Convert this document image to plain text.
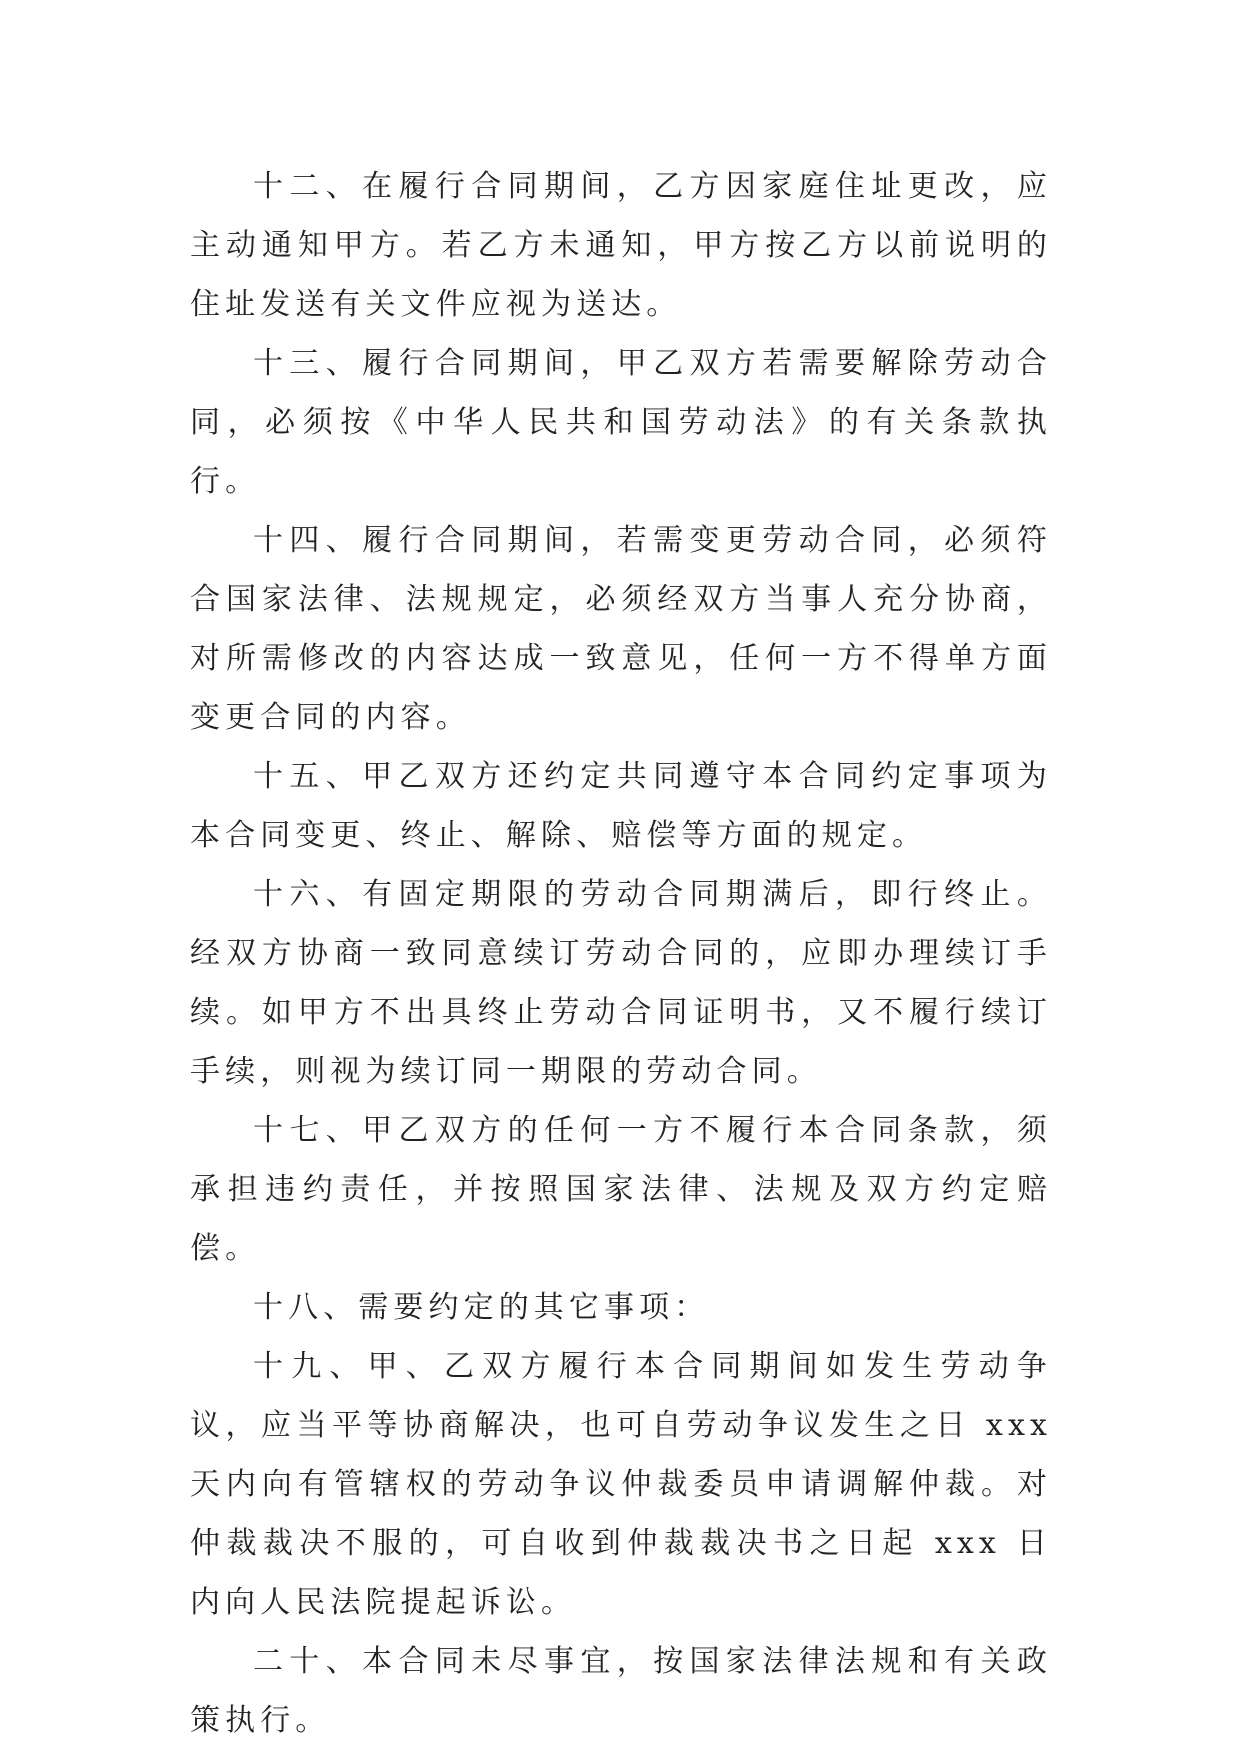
十二、在履行合同期间，乙方因家庭住址更改，应主动通知甲方。若乙方未通知，甲方按乙方以前说明的住址发送有关文件应视为送达。

十三、履行合同期间，甲乙双方若需要解除劳动合同，必须按《中华人民共和国劳动法》的有关条款执行。

十四、履行合同期间，若需变更劳动合同，必须符合国家法律、法规规定，必须经双方当事人充分协商，对所需修改的内容达成一致意见，任何一方不得单方面变更合同的内容。

十五、甲乙双方还约定共同遵守本合同约定事项为本合同变更、终止、解除、赔偿等方面的规定。

十六、有固定期限的劳动合同期满后，即行终止。经双方协商一致同意续订劳动合同的，应即办理续订手续。如甲方不出具终止劳动合同证明书，又不履行续订手续，则视为续订同一期限的劳动合同。

十七、甲乙双方的任何一方不履行本合同条款，须承担违约责任，并按照国家法律、法规及双方约定赔偿。

十八、需要约定的其它事项：

十九、甲、乙双方履行本合同期间如发生劳动争议，应当平等协商解决，也可自劳动争议发生之日 xxx 天内向有管辖权的劳动争议仲裁委员申请调解仲裁。对仲裁裁决不服的，可自收到仲裁裁决书之日起 xxx 日内向人民法院提起诉讼。

二十、本合同未尽事宜，按国家法律法规和有关政策执行。
